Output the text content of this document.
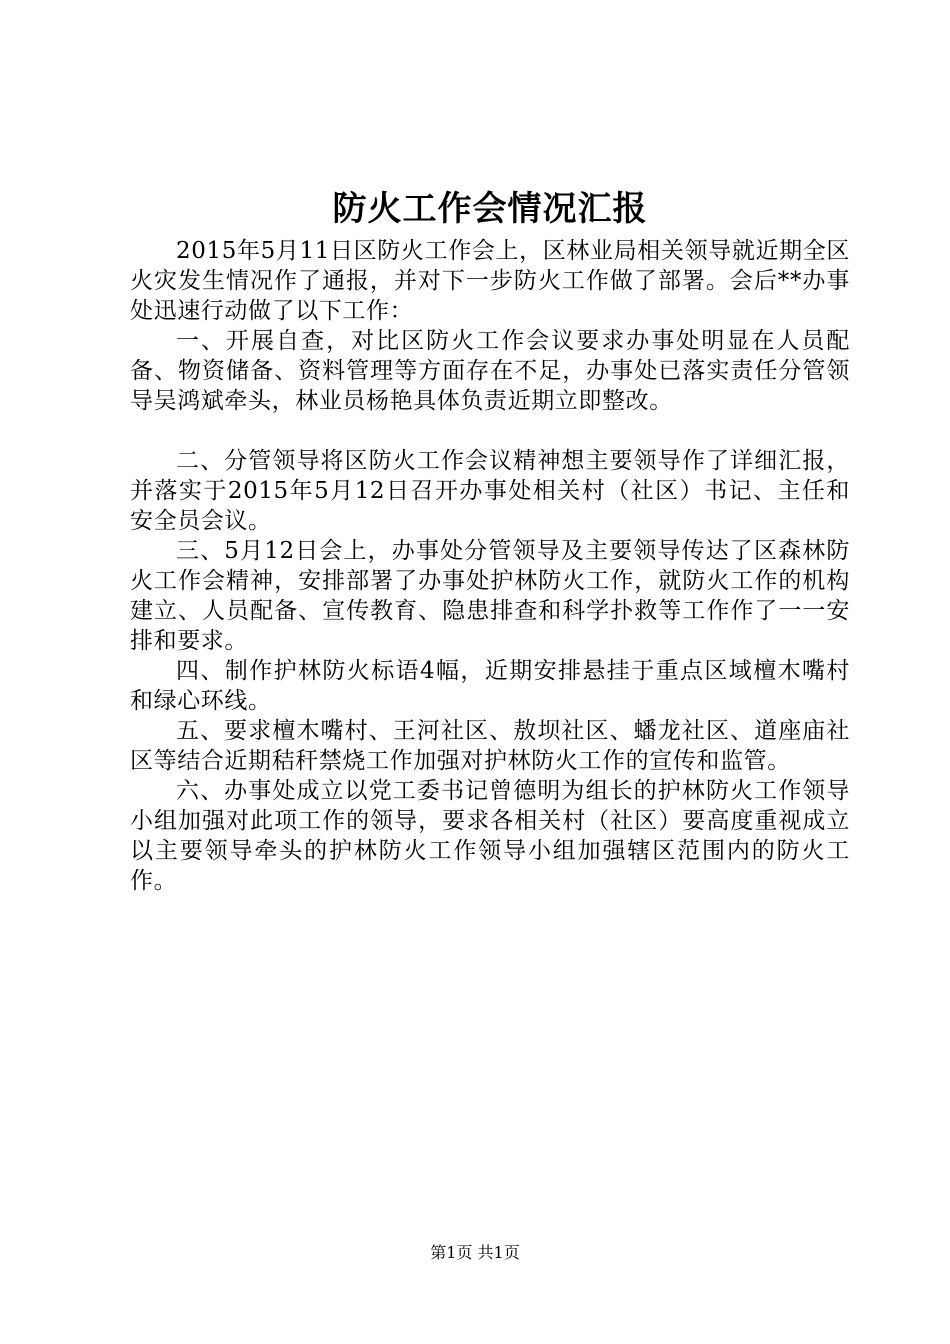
防火工作会情况汇报

2015年5月11日区防火工作会上，区林业局相关领导就近期全区火灾发生情况作了通报，并对下一步防火工作做了部署。会后**办事处迅速行动做了以下工作：

一、开展自查，对比区防火工作会议要求办事处明显在人员配备、物资储备、资料管理等方面存在不足，办事处已落实责任分管领导吴鸿斌牵头，林业员杨艳具体负责近期立即整改。

二、分管领导将区防火工作会议精神想主要领导作了详细汇报，并落实于2015年5月12日召开办事处相关村（社区）书记、主任和安全员会议。

三、5月12日会上，办事处分管领导及主要领导传达了区森林防火工作会精神，安排部署了办事处护林防火工作，就防火工作的机构建立、人员配备、宣传教育、隐患排查和科学扑救等工作作了一一安排和要求。

四、制作护林防火标语4幅，近期安排悬挂于重点区域檀木嘴村和绿心环线。

五、要求檀木嘴村、王河社区、敖坝社区、蟠龙社区、道座庙社区等结合近期秸秆禁烧工作加强对护林防火工作的宣传和监管。

六、办事处成立以党工委书记曾德明为组长的护林防火工作领导小组加强对此项工作的领导，要求各相关村（社区）要高度重视成立以主要领导牵头的护林防火工作领导小组加强辖区范围内的防火工作。

第1页 共1页
